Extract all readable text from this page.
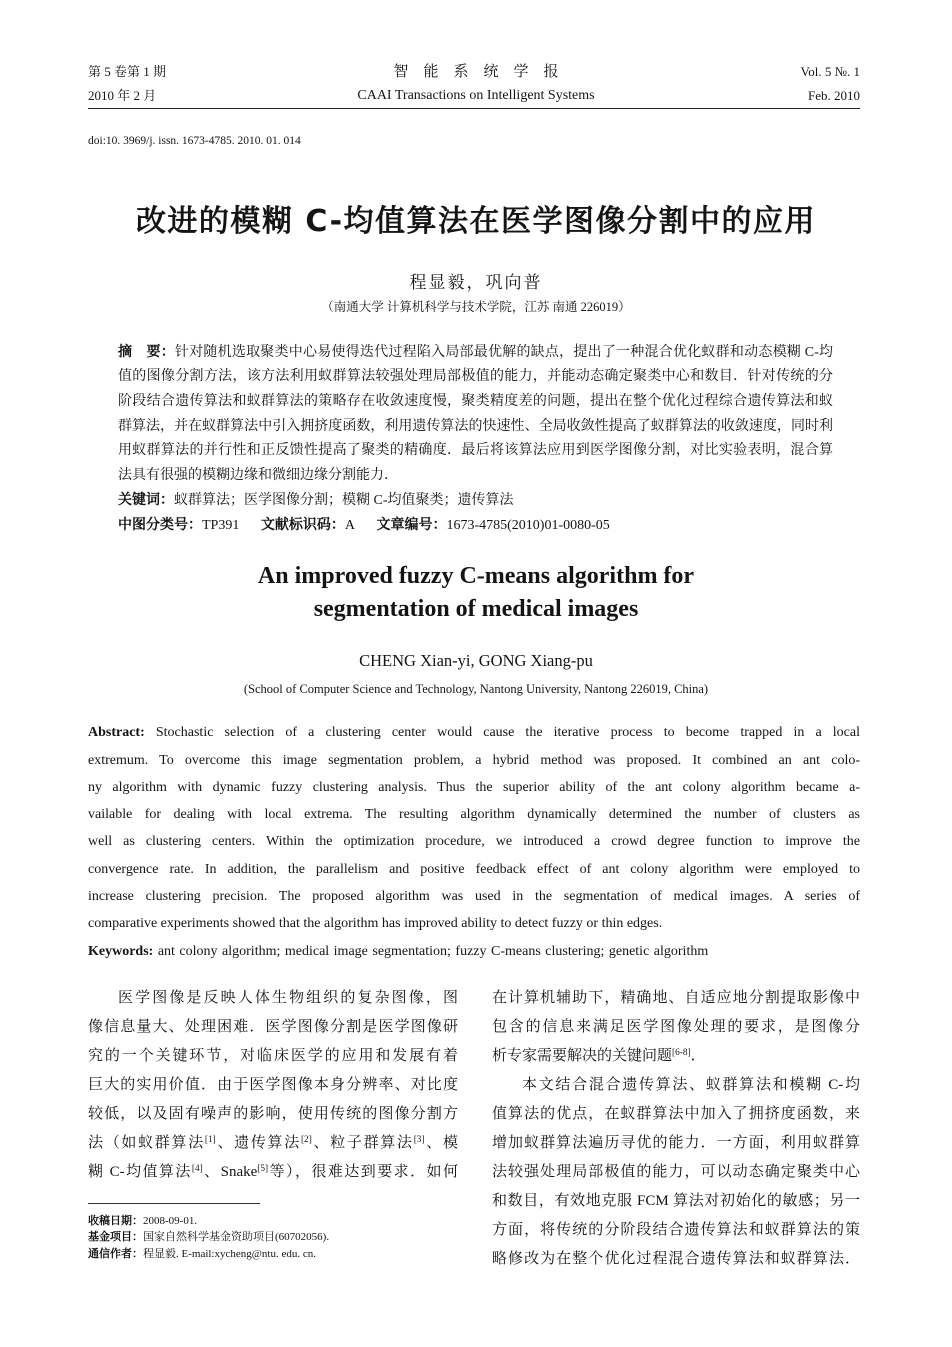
第 5 卷第 1 期
2010 年 2 月
智能系统学报
CAAI Transactions on Intelligent Systems
Vol. 5 №. 1
Feb. 2010
doi:10. 3969/j. issn. 1673-4785. 2010. 01. 014
改进的模糊 C-均值算法在医学图像分割中的应用
程显毅，巩向普
（南通大学 计算机科学与技术学院，江苏 南通 226019）
摘　要：针对随机选取聚类中心易使得迭代过程陷入局部最优解的缺点，提出了一种混合优化蚁群和动态模糊 C-均
值的图像分割方法，该方法利用蚁群算法较强处理局部极值的能力，并能动态确定聚类中心和数目．针对传统的分
阶段结合遗传算法和蚁群算法的策略存在收敛速度慢，聚类精度差的问题，提出在整个优化过程综合遗传算法和蚁
群算法，并在蚁群算法中引入拥挤度函数，利用遗传算法的快速性、全局收敛性提高了蚁群算法的收敛速度，同时利
用蚁群算法的并行性和正反馈性提高了聚类的精确度．最后将该算法应用到医学图像分割，对比实验表明，混合算
法具有很强的模糊边缘和微细边缘分割能力．
关键词：蚁群算法；医学图像分割；模糊 C-均值聚类；遗传算法
中图分类号：TP391 文献标识码：A 文章编号：1673-4785(2010)01-0080-05
An improved fuzzy C-means algorithm for
segmentation of medical images
CHENG Xian-yi, GONG Xiang-pu
(School of Computer Science and Technology, Nantong University, Nantong 226019, China)
Abstract: Stochastic selection of a clustering center would cause the iterative process to become trapped in a local
extremum. To overcome this image segmentation problem, a hybrid method was proposed. It combined an ant colo-
ny algorithm with dynamic fuzzy clustering analysis. Thus the superior ability of the ant colony algorithm became a-
vailable for dealing with local extrema. The resulting algorithm dynamically determined the number of clusters as
well as clustering centers. Within the optimization procedure, we introduced a crowd degree function to improve the
convergence rate. In addition, the parallelism and positive feedback effect of ant colony algorithm were employed to
increase clustering precision. The proposed algorithm was used in the segmentation of medical images. A series of
comparative experiments showed that the algorithm has improved ability to detect fuzzy or thin edges.
Keywords: ant colony algorithm; medical image segmentation; fuzzy C-means clustering; genetic algorithm
医学图像是反映人体生物组织的复杂图像，图
像信息量大、处理困难．医学图像分割是医学图像研
究的一个关键环节，对临床医学的应用和发展有着
巨大的实用价值．由于医学图像本身分辨率、对比度
较低，以及固有噪声的影响，使用传统的图像分割方
法（如蚁群算法[1]、遗传算法[2]、粒子群算法[3]、模
糊 C-均值算法[4]、Snake[5]等），很难达到要求．如何
在计算机辅助下，精确地、自适应地分割提取影像中
包含的信息来满足医学图像处理的要求，是图像分
析专家需要解决的关键问题[6-8]．
本文结合混合遗传算法、蚁群算法和模糊 C-均
值算法的优点，在蚁群算法中加入了拥挤度函数，来
增加蚁群算法遍历寻优的能力．一方面，利用蚁群算
法较强处理局部极值的能力，可以动态确定聚类中心
和数目，有效地克服 FCM 算法对初始化的敏感；另一
方面，将传统的分阶段结合遗传算法和蚁群算法的策
略修改为在整个优化过程混合遗传算法和蚁群算法．
收稿日期：2008-09-01.
基金项目：国家自然科学基金资助项目(60702056).
通信作者：程显毅. E-mail:xycheng@ntu. edu. cn.
